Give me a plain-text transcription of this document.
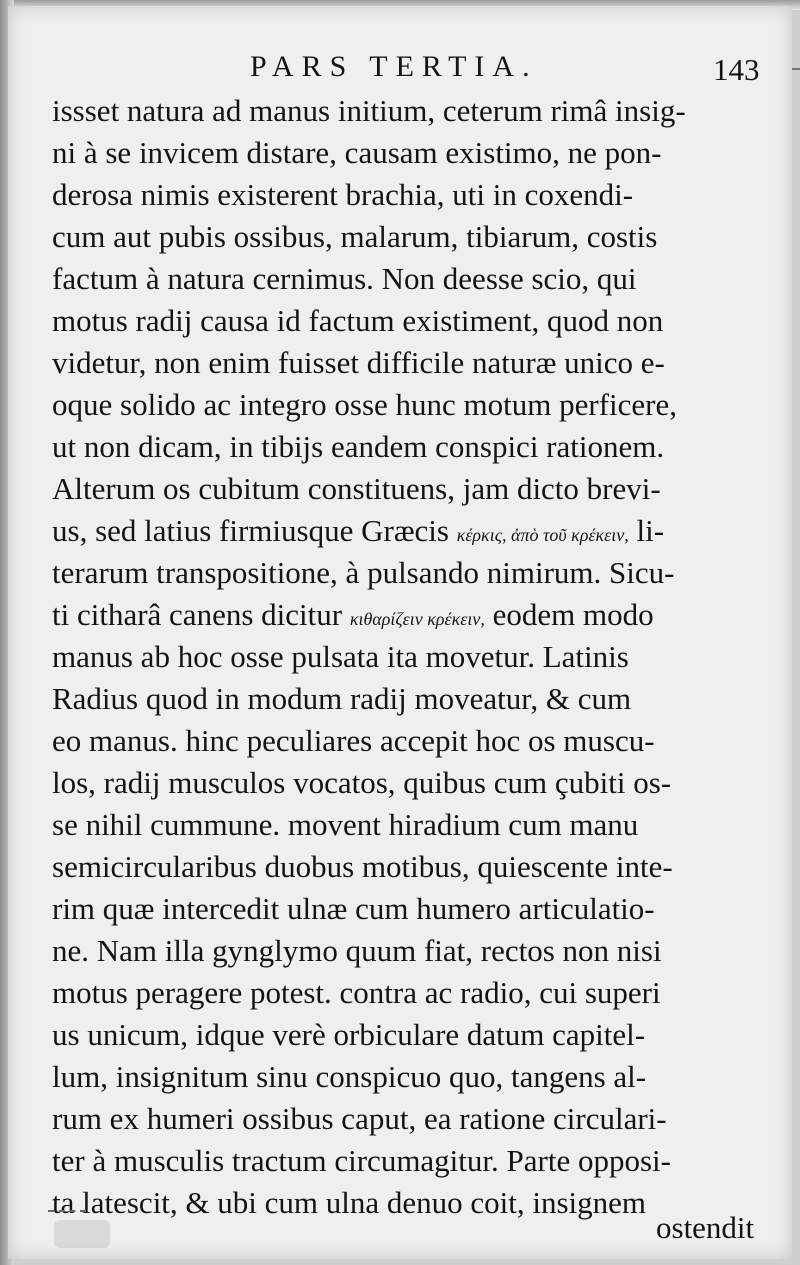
PARS TERTIA.	143
issset natura ad manus initium, ceterum rimâ insig-
ni à se invicem distare, causam existimo, ne pon-
derosa nimis existerent brachia, uti in coxendi-
cum aut pubis ossibus, malarum, tibiarum, costis
factum à natura cernimus. Non deesse scio, qui
motus radij causa id factum existiment, quod non
videtur, non enim fuisset difficile naturæ unico e-
oque solido ac integro osse hunc motum perficere,
ut non dicam, in tibijs eandem conspici rationem.
Alterum os cubitum constituens, jam dicto brevi-
us, sed latius firmiusque Græcis κέρκις, ἀπὸ τοῦ κρέκειν, li-
terarum transpositione, à pulsando nimirum. Sicu-
ti citharâ canens dicitur κιθαρίζειν κρέκειν, eodem modo
manus ab hoc osse pulsata ita movetur. Latinis
Radius quod in modum radij moveatur, & cum
eo manus. hinc peculiares accepit hoc os muscu-
los, radij musculos vocatos, quibus cum çubiti os-
se nihil cummune. movent hiradium cum manu
semicircularibus duobus motibus, quiescente inte-
rim quæ intercedit ulnæ cum humero articulatio-
ne. Nam illa gynglymo quum fiat, rectos non nisi
motus peragere potest. contra ac radio, cui superi
us unicum, idque verè orbiculare datum capitel-
lum, insignitum sinu conspicuo quo, tangens al-
rum ex humeri ossibus caput, ea ratione circulari-
ter à musculis tractum circumagitur. Parte opposi-
ta latescit, & ubi cum ulna denuo coit, insignem
ostendit
